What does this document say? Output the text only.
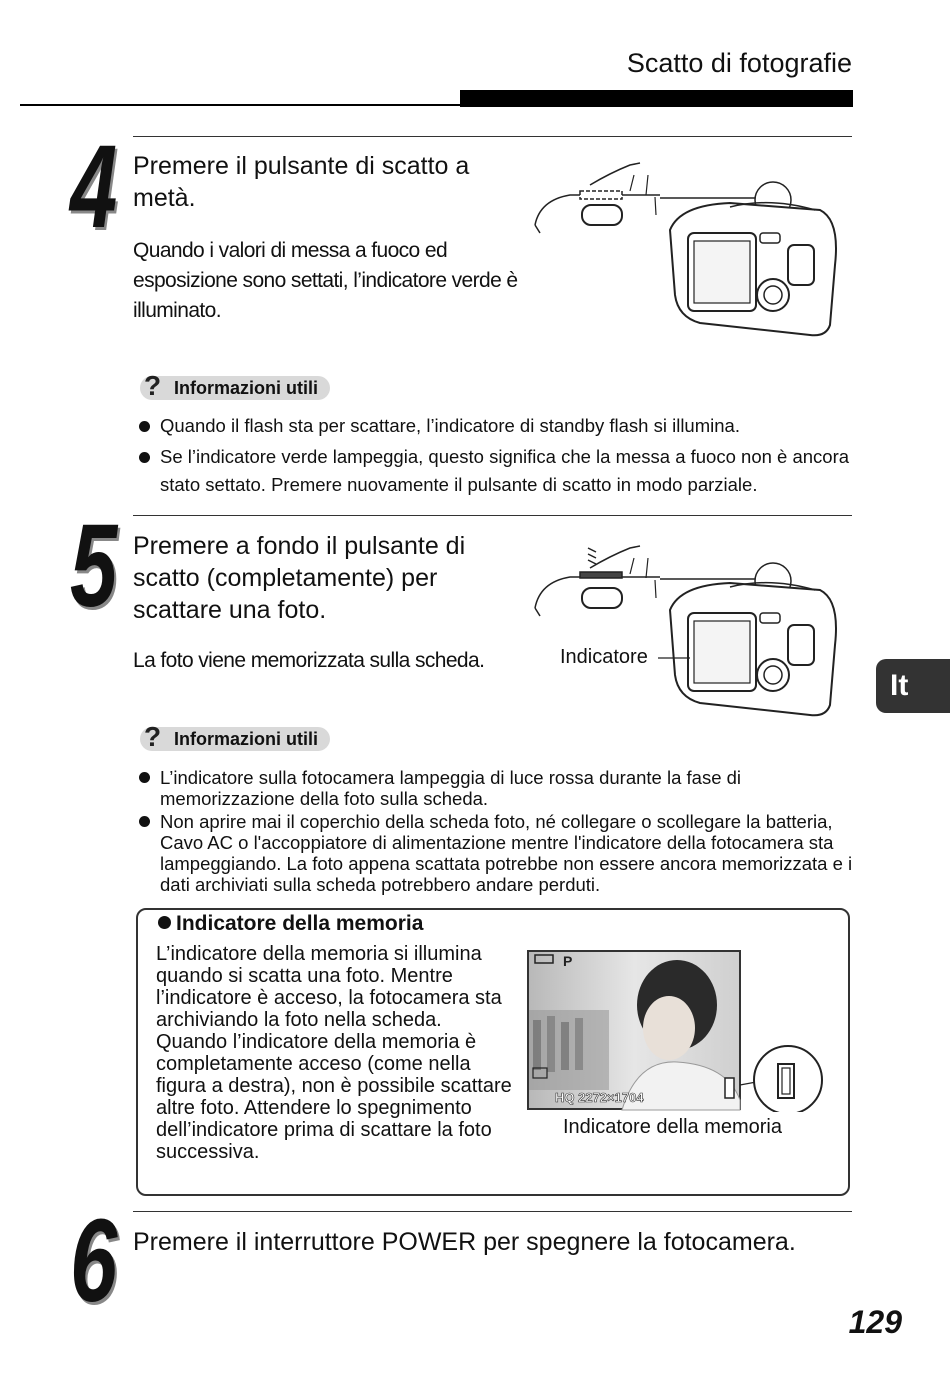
Scatto di fotografie
4 Premere il pulsante di scatto a metà.
Quando i valori di messa a fuoco ed esposizione sono settati, l’indicatore verde è illuminato.
? Informazioni utili
Quando il flash sta per scattare, l’indicatore di standby flash si illumina.
Se l’indicatore verde lampeggia, questo significa che la messa a fuoco non è ancora stato settato. Premere nuovamente il pulsante di scatto in modo parziale.
5 Premere a fondo il pulsante di scatto (completamente) per scattare una foto.
La foto viene memorizzata sulla scheda.	Indicatore
It
? Informazioni utili
L’indicatore sulla fotocamera lampeggia di luce rossa durante la fase di memorizzazione della foto sulla scheda.
Non aprire mai il coperchio della scheda foto, né collegare o scollegare la batteria, Cavo AC o l'accoppiatore di alimentazione mentre l'indicatore della fotocamera sta lampeggiando. La foto appena scattata potrebbe non essere ancora memorizzata e i dati archiviati sulla scheda potrebbero andare perduti.
Indicatore della memoria
L’indicatore della memoria si illumina quando si scatta una foto. Mentre l’indicatore è acceso, la fotocamera sta archiviando la foto nella scheda. Quando l’indicatore della memoria è completamente acceso (come nella figura a destra), non è possibile scattare altre foto. Attendere lo spegnimento dell’indicatore prima di scattare la foto successiva.
P
HQ 2272×1704
Indicatore della memoria
6 Premere il interruttore POWER per spegnere la fotocamera.
129
